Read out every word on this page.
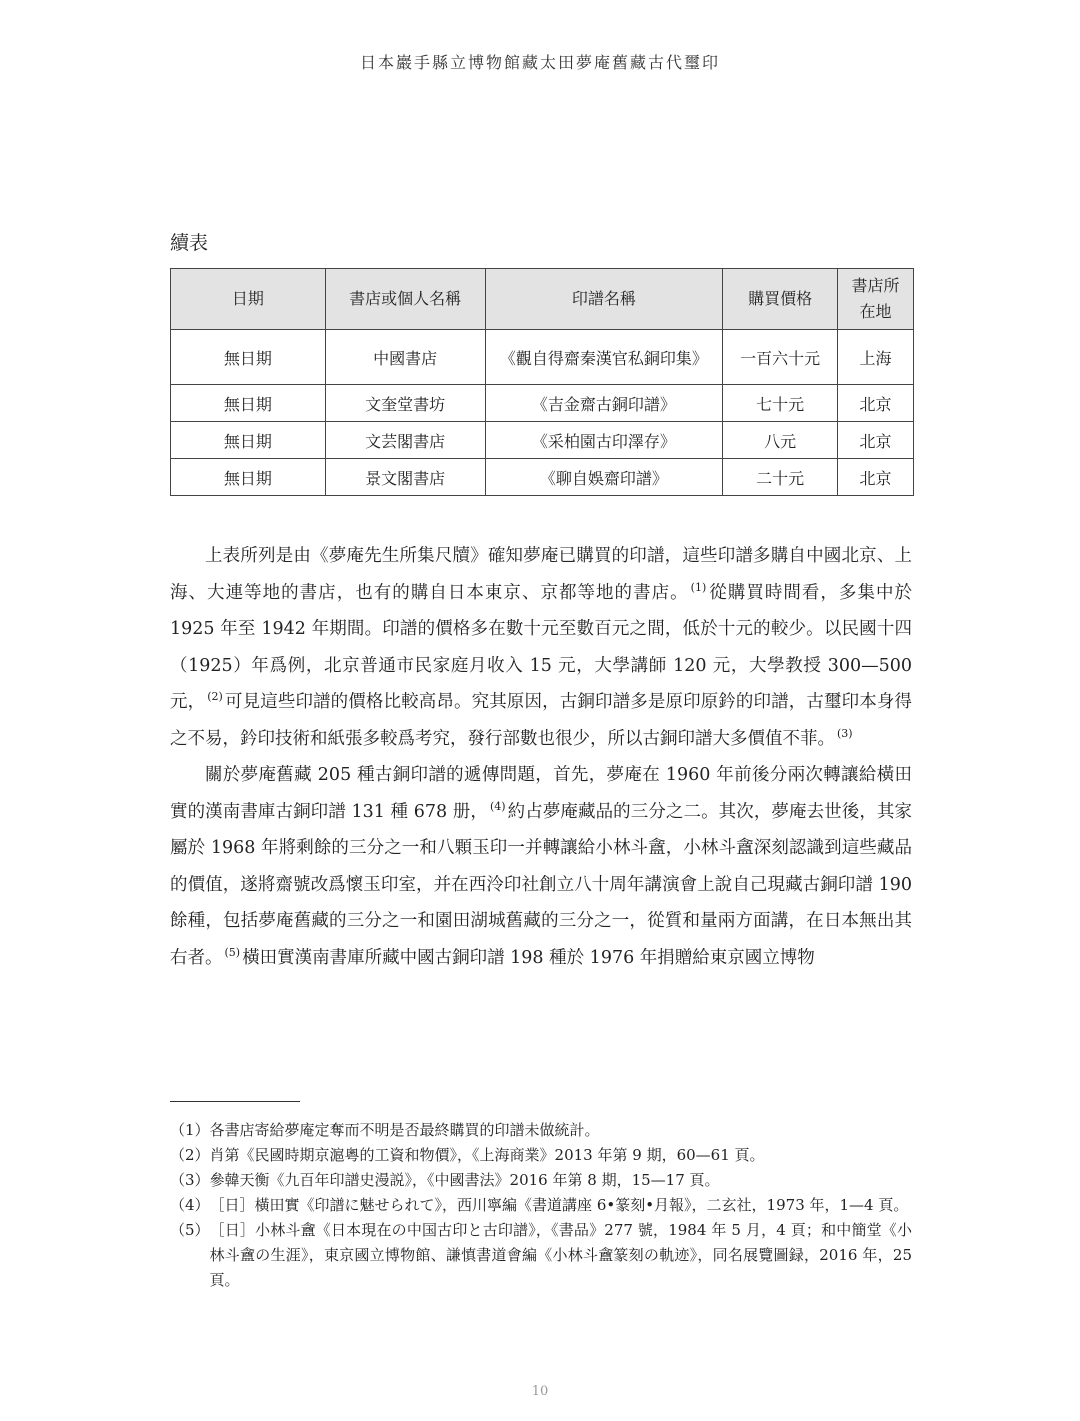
日本巖手縣立博物館藏太田夢庵舊藏古代璽印
續表
日期	書店或個人名稱	印譜名稱	購買價格	書店所
在地
無日期	中國書店	《觀自得齋秦漢官私銅印集》	一百六十元	上海
無日期	文奎堂書坊	《吉金齋古銅印譜》	七十元	北京
無日期	文芸閣書店	《采柏園古印澤存》	八元	北京
無日期	景文閣書店	《聊自娛齋印譜》	二十元	北京

上表所列是由《夢庵先生所集尺牘》確知夢庵已購買的印譜，這些印譜多購自中國北京、上海、大連等地的書店，也有的購自日本東京、京都等地的書店。 $^{(1)}$ 從購買時間看，多集中於 1925 年至 1942 年期間。印譜的價格多在數十元至數百元之間，低於十元的較少。以民國十四（1925）年爲例，北京普通市民家庭月收入 15 元，大學講師 120 元，大學教授 300—500 元， $^{(2)}$ 可見這些印譜的價格比較高昂。究其原因，古銅印譜多是原印原鈐的印譜，古璽印本身得之不易，鈐印技術和紙張多較爲考究，發行部數也很少，所以古銅印譜大多價值不菲。 $^{(3)}$

關於夢庵舊藏 205 種古銅印譜的遞傳問題，首先，夢庵在 1960 年前後分兩次轉讓給橫田實的漢南書庫古銅印譜 131 種 678 册， $^{(4)}$ 約占夢庵藏品的三分之二。其次，夢庵去世後，其家屬於 1968 年將剩餘的三分之一和八顆玉印一并轉讓給小林斗盦，小林斗盦深刻認識到這些藏品的價值，遂將齋號改爲懷玉印室，并在西泠印社創立八十周年講演會上說自己現藏古銅印譜 190 餘種，包括夢庵舊藏的三分之一和園田湖城舊藏的三分之一，從質和量兩方面講，在日本無出其右者。 $^{(5)}$ 橫田實漢南書庫所藏中國古銅印譜 198 種於 1976 年捐贈給東京國立博物

（1） 各書店寄給夢庵定奪而不明是否最終購買的印譜未做統計。
（2） 肖第《民國時期京滬粵的工資和物價》，《上海商業》2013 年第 9 期，60—61 頁。
（3） 參韓天衡《九百年印譜史漫説》，《中國書法》2016 年第 8 期，15—17 頁。
（4） ［日］橫田實《印譜に魅せられて》，西川寧編《書道講座 6•篆刻•月報》，二玄社，1973 年，1—4 頁。
（5） ［日］小林斗盦《日本現在の中国古印と古印譜》，《書品》277 號，1984 年 5 月，4 頁；和中簡堂《小林斗盦の生涯》，東京國立博物館、謙慎書道會編《小林斗盦篆刻の軌迹》，同名展覽圖録，2016 年，25 頁。
10
